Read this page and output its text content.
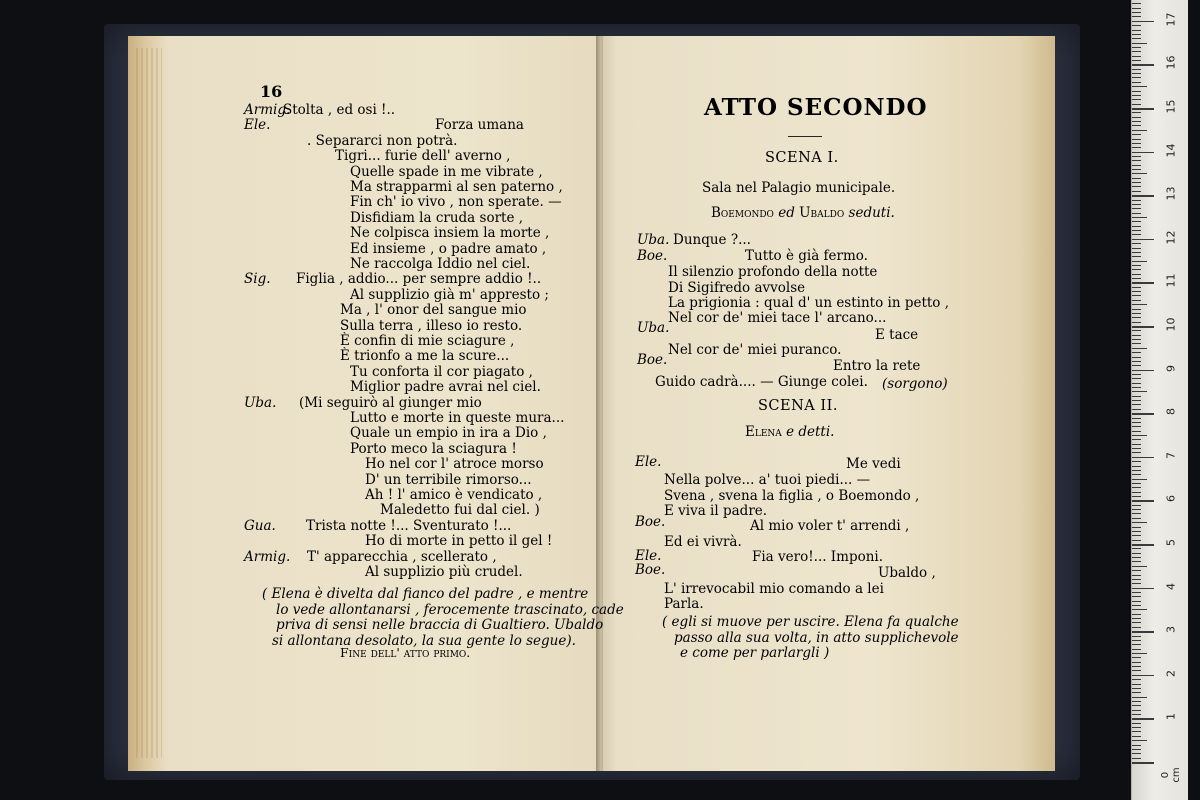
16
Armig.
Stolta , ed osi !..
Ele.	Forza umana
. Separarci non potrà.
Tigri... furie dell' averno ,
Quelle spade in me vibrate ,
Ma strapparmi al sen paterno ,
Fin ch' io vivo , non sperate. —
Disfidiam la cruda sorte ,
Ne colpisca insiem la morte ,
Ed insieme , o padre amato ,
Ne raccolga Iddio nel ciel.
Sig. Figlia , addio... per sempre addio !..
Al supplizio già m' appresto ;
Ma , l' onor del sangue mio
Sulla terra , illeso io resto.
È confin di mie sciagure ,
È trionfo a me la scure...
Tu conforta il cor piagato ,
Miglior padre avrai nel ciel.
Uba. (Mi seguirò al giunger mio
Lutto e morte in queste mura...
Quale un empio in ira a Dio ,
Porto meco la sciagura !
Ho nel cor l' atroce morso
D' un terribile rimorso...
Ah ! l' amico è vendicato ,
Maledetto fui dal ciel. )
Gua. Trista notte !... Sventurato !...
Ho di morte in petto il gel !
Armig. T' apparecchia , scellerato ,
Al supplizio più crudel.
( Elena è divelta dal fianco del padre , e mentre
lo vede allontanarsi , ferocemente trascinato, cade
priva di sensi nelle braccia di Gualtiero. Ubaldo
si allontana desolato, la sua gente lo segue).
Fine dell' atto primo.
ATTO SECONDO
SCENA I.
Sala nel Palagio municipale.
Boemondo ed Ubaldo seduti.
Uba. Dunque ?...
Boe.	Tutto è già fermo.
Il silenzio profondo della notte
Di Sigifredo avvolse
La prigionia : qual d' un estinto in petto ,
Nel cor de' miei tace l' arcano...
Uba.	E tace
Nel cor de' miei puranco.
Boe.	Entro la rete
Guido cadrà.... — Giunge colei. (sorgono)
SCENA II.
Elena e detti.
Ele.	Me vedi
Nella polve... a' tuoi piedi... —
Svena , svena la figlia , o Boemondo ,
E viva il padre.
Boe.	Al mio voler t' arrendi ,
Ed ei vivrà.
Ele.	Fia vero!... Imponi.
Boe.	Ubaldo ,
L' irrevocabil mio comando a lei
Parla.
( egli si muove per uscire. Elena fa qualche
passo alla sua volta, in atto supplichevole
e come per parlargli )
1
2
3
4
5
6
7
8
9
10
11
12
13
14
15
16
17
0 cm
